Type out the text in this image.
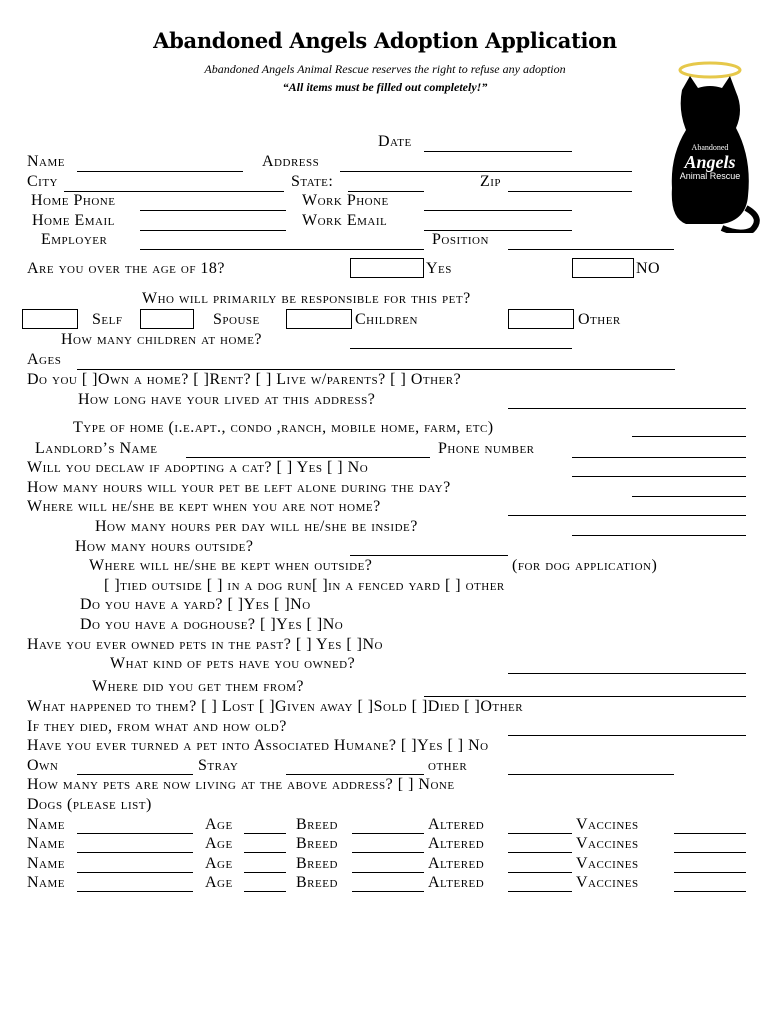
Abandoned Angels Adoption Application
Abandoned Angels Animal Rescue reserves the right to refuse any adoption
“All items must be filled out completely!”
Abandoned
Angels
Animal Rescue
Date
Name	Address
City	State:	Zip
Home Phone	Work Phone
Home Email	Work Email
Employer	Position
Are you over the age of 18?	Yes	NO
Who will primarily be responsible for this pet?
Self	Spouse	Children	Other
How many children at home?
Ages
Do you [ ]Own a home? [ ]Rent? [ ] Live w/parents? [ ] Other?
How long have your lived at this address?
Type of home (i.e.apt., condo ,ranch, mobile home, farm, etc)
Landlord’s Name	Phone number
Will you declaw if adopting a cat? [ ] Yes [ ] No
How many hours will your pet be left alone during the day?
Where will he/she be kept when you are not home?
How many hours per day will he/she be inside?
How many hours outside?
Where will he/she be kept when outside?	(for dog application)
[ ]tied outside [ ] in a dog run[ ]in a fenced yard [ ] other
Do you have a yard? [ ]Yes [ ]No
Do you have a doghouse? [ ]Yes [ ]No
Have you ever owned pets in the past? [ ] Yes [ ]No
What kind of pets have you owned?
Where did you get them from?
What happened to them? [ ] Lost [ ]Given away [ ]Sold [ ]Died [ ]Other
If they died, from what and how old?
Have you ever turned a pet into Associated Humane? [ ]Yes [ ] No
Own	Stray	other
How many pets are now living at the above address? [ ] None
Dogs (please list)
Name	Age	Breed	Altered	Vaccines
Name	Age	Breed	Altered	Vaccines
Name	Age	Breed	Altered	Vaccines
Name	Age	Breed	Altered	Vaccines
